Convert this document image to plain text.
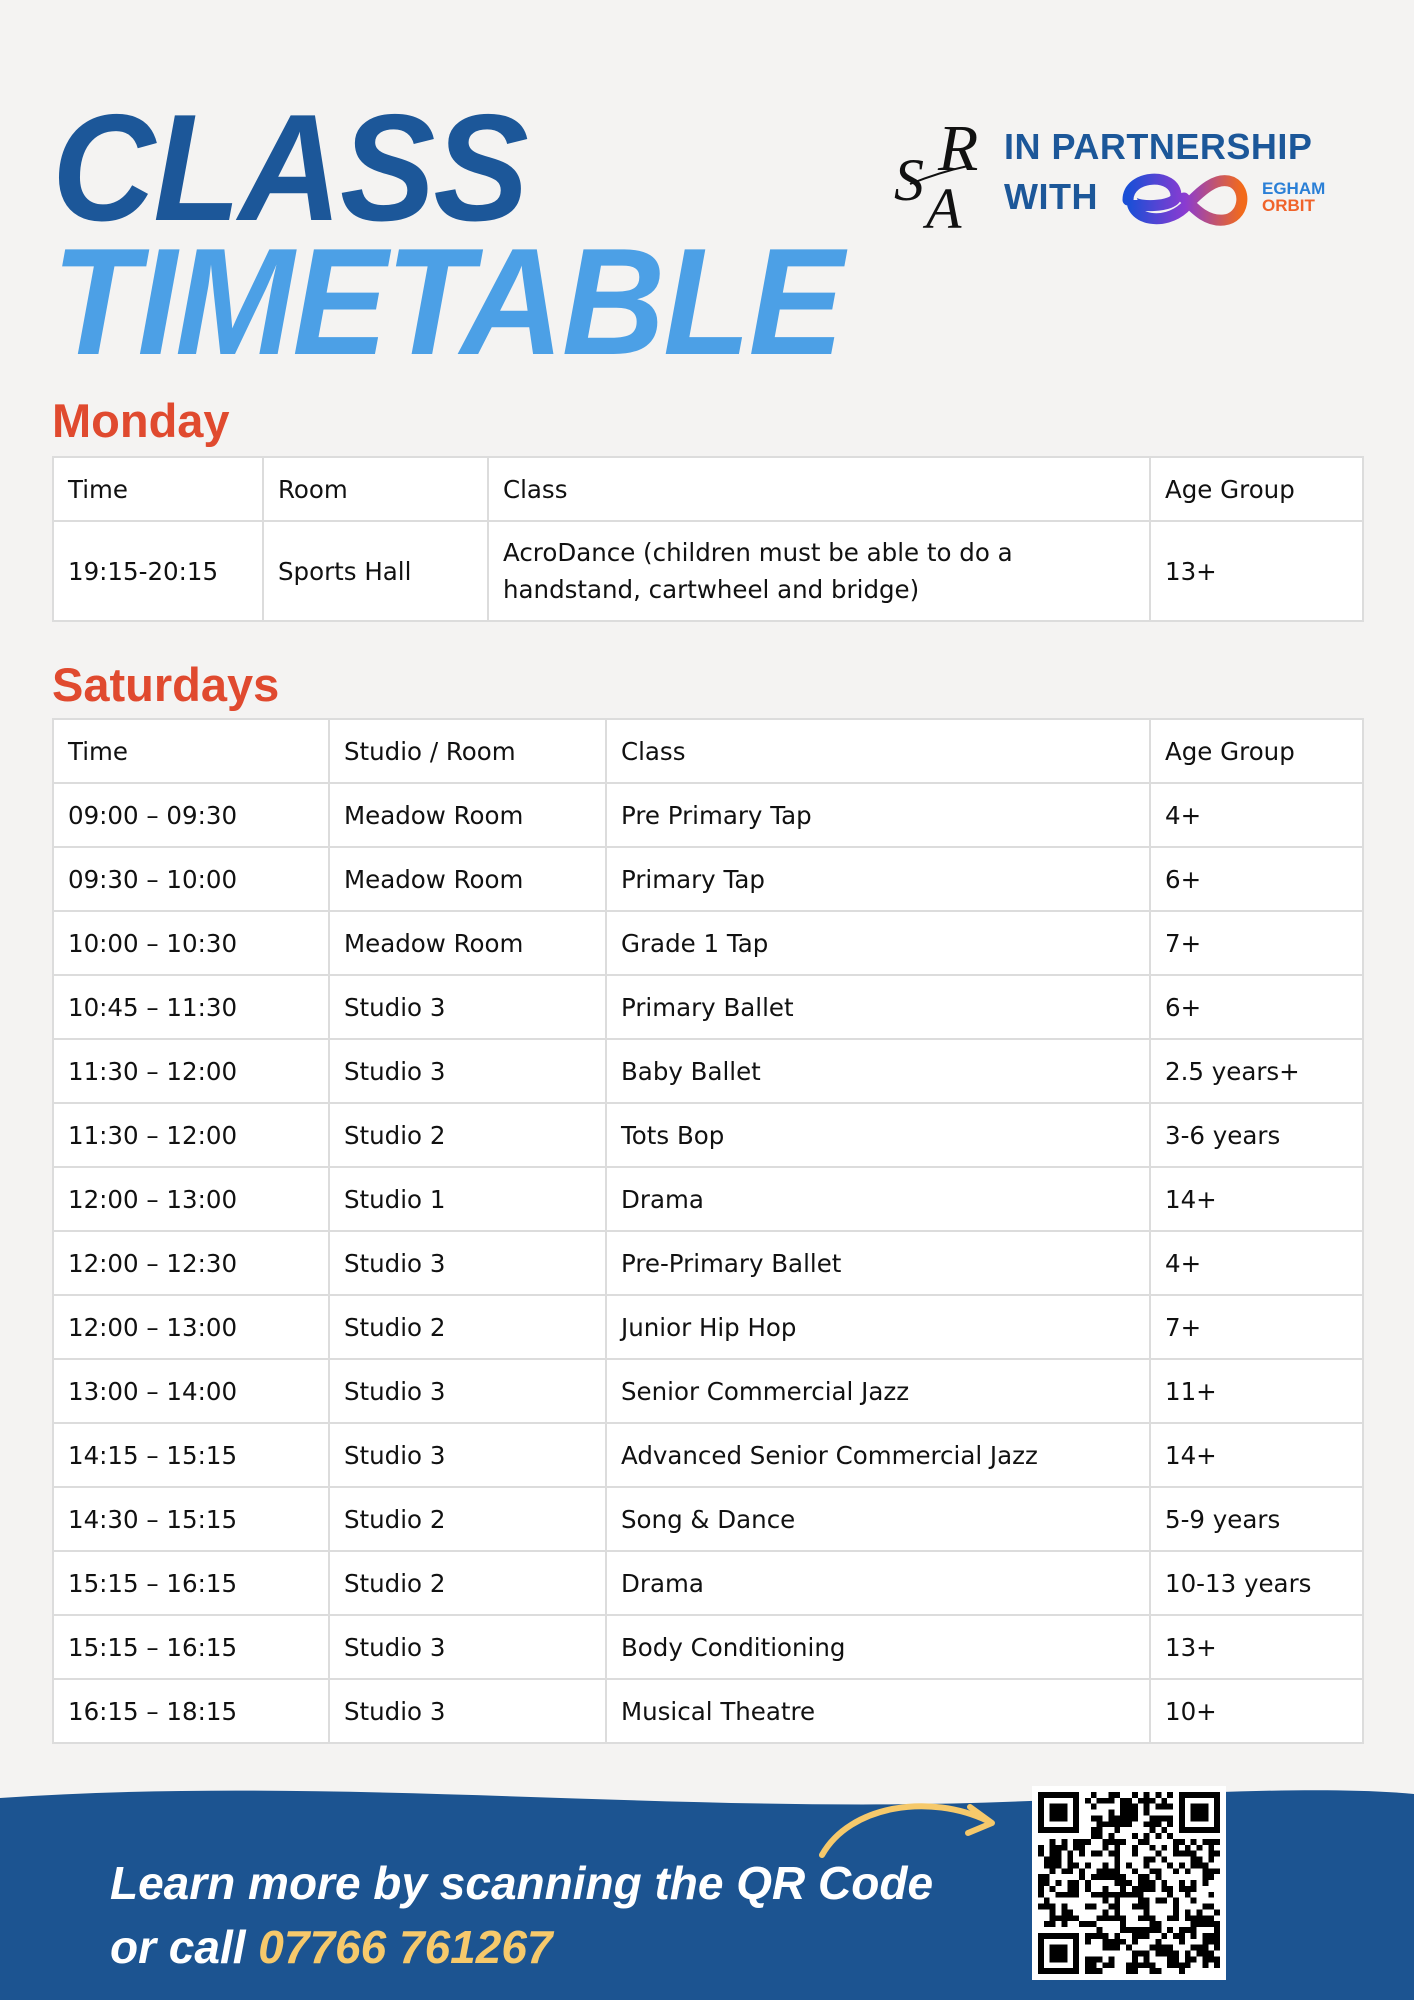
CLASS
TIMETABLE
R
S A
IN PARTNERSHIP
WITH	EGHAM
ORBIT
Monday
Time	Room	Class	Age Group
19:15-20:15	Sports Hall	AcroDance (children must be able to do a handstand, cartwheel and bridge)	13+
Saturdays
Time	Studio / Room	Class	Age Group
09:00 – 09:30	Meadow Room	Pre Primary Tap	4+
09:30 – 10:00	Meadow Room	Primary Tap	6+
10:00 – 10:30	Meadow Room	Grade 1 Tap	7+
10:45 – 11:30	Studio 3	Primary Ballet	6+
11:30 – 12:00	Studio 3	Baby Ballet	2.5 years+
11:30 – 12:00	Studio 2	Tots Bop	3-6 years
12:00 – 13:00	Studio 1	Drama	14+
12:00 – 12:30	Studio 3	Pre-Primary Ballet	4+
12:00 – 13:00	Studio 2	Junior Hip Hop	7+
13:00 – 14:00	Studio 3	Senior Commercial Jazz	11+
14:15 – 15:15	Studio 3	Advanced Senior Commercial Jazz	14+
14:30 – 15:15	Studio 2	Song & Dance	5-9 years
15:15 – 16:15	Studio 2	Drama	10-13 years
15:15 – 16:15	Studio 3	Body Conditioning	13+
16:15 – 18:15	Studio 3	Musical Theatre	10+

Learn more by scanning the QR Code

or call 07766 761267
